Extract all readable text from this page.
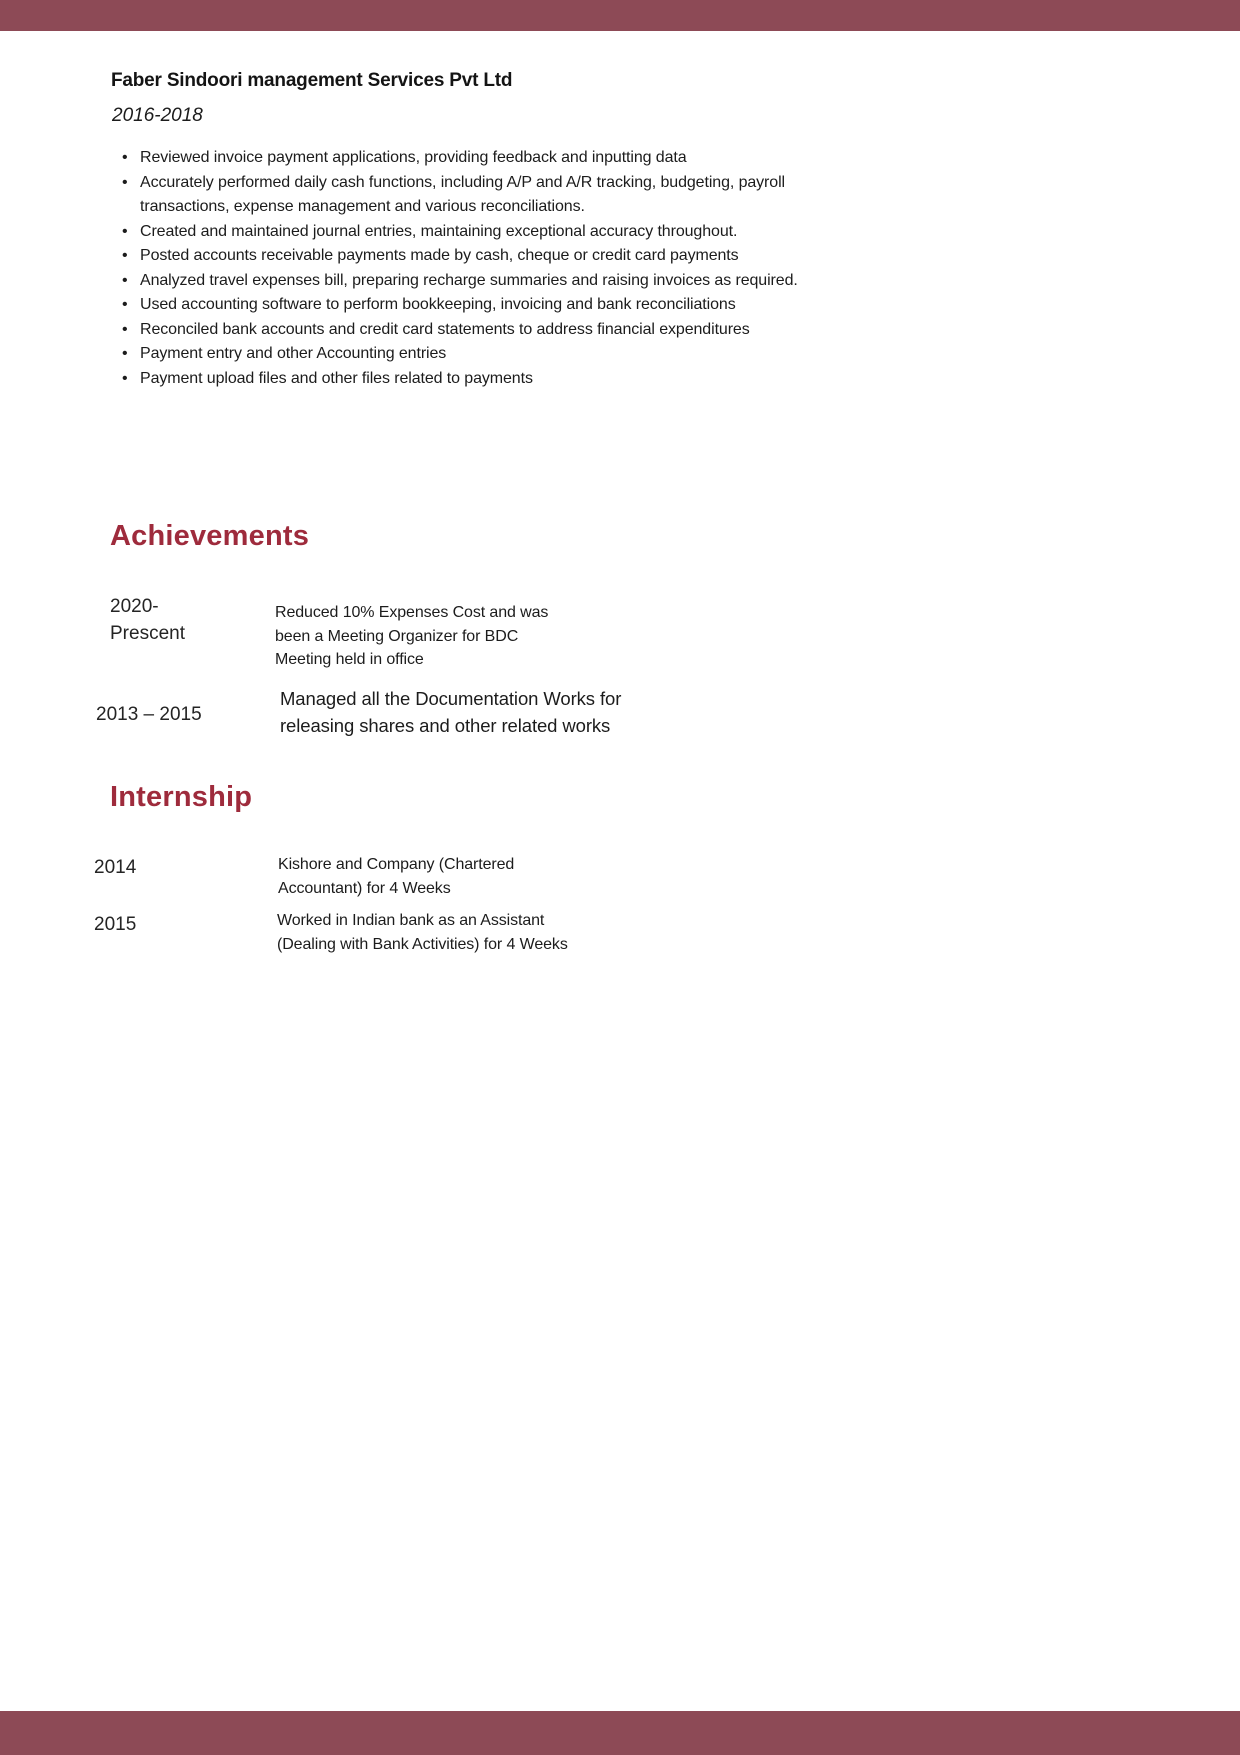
Faber Sindoori management Services Pvt Ltd
2016-2018
• Reviewed invoice payment applications, providing feedback and inputting data
• Accurately performed daily cash functions, including A/P and A/R tracking, budgeting, payroll transactions, expense management and various reconciliations.
• Created and maintained journal entries, maintaining exceptional accuracy throughout.
• Posted accounts receivable payments made by cash, cheque or credit card payments
• Analyzed travel expenses bill, preparing recharge summaries and raising invoices as required.
• Used accounting software to perform bookkeeping, invoicing and bank reconciliations
• Reconciled bank accounts and credit card statements to address financial expenditures
• Payment entry and other Accounting entries
• Payment upload files and other files related to payments
Achievements
2020-Prescent
Reduced 10% Expenses Cost and was been a Meeting Organizer for BDC Meeting held in office
2013 – 2015
Managed all the Documentation Works for releasing shares and other related works
Internship
2014	Kishore and Company (Chartered Accountant) for 4 Weeks
2015	Worked in Indian bank as an Assistant (Dealing with Bank Activities) for 4 Weeks
